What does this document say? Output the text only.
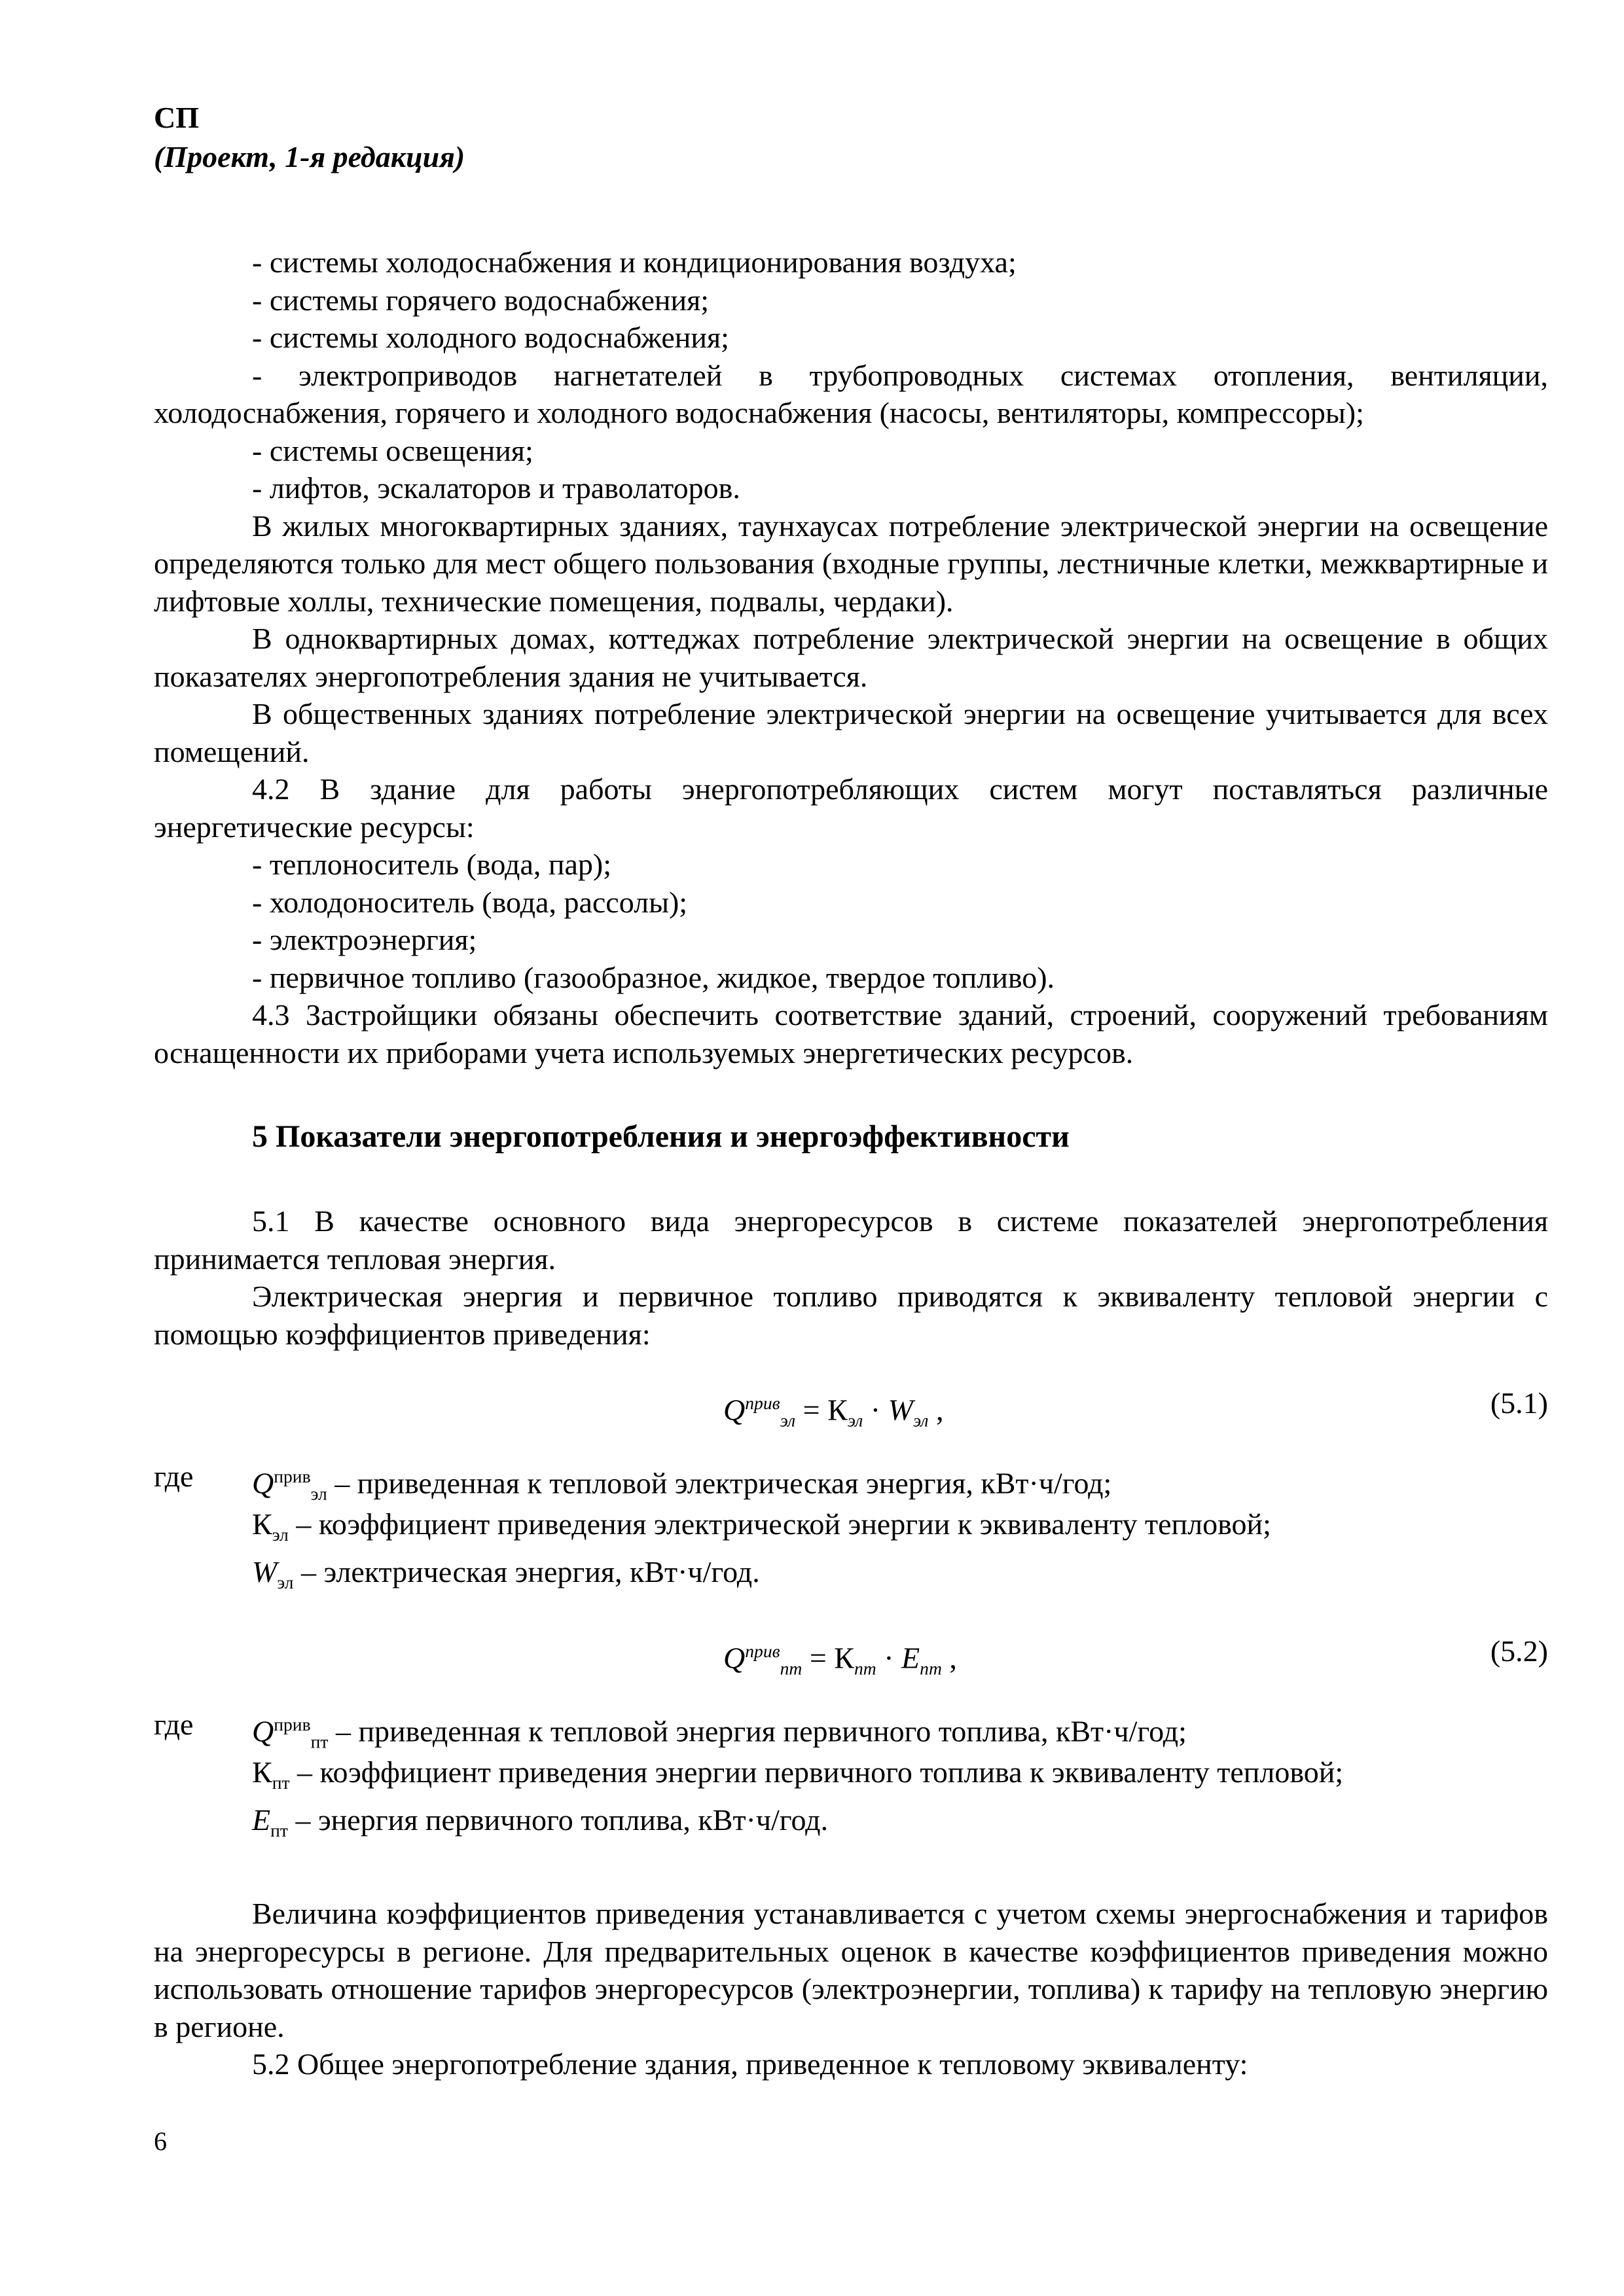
СП
(Проект, 1-я редакция)

- системы холодоснабжения и кондиционирования воздуха;

- системы горячего водоснабжения;

- системы холодного водоснабжения;

- электроприводов нагнетателей в трубопроводных системах отопления, вентиляции, холодоснабжения, горячего и холодного водоснабжения (насосы, вентиляторы, компрессоры);

- системы освещения;

- лифтов, эскалаторов и траволаторов.

В жилых многоквартирных зданиях, таунхаусах потребление электрической энергии на освещение определяются только для мест общего пользования (входные группы, лестничные клетки, межквартирные и лифтовые холлы, технические помещения, подвалы, чердаки).

В одноквартирных домах, коттеджах потребление электрической энергии на освещение в общих показателях энергопотребления здания не учитывается.

В общественных зданиях потребление электрической энергии на освещение учитывается для всех помещений.

4.2 В здание для работы энергопотребляющих систем могут поставляться различные энергетические ресурсы:

- теплоноситель (вода, пар);

- холодоноситель (вода, рассолы);

- электроэнергия;

- первичное топливо (газообразное, жидкое, твердое топливо).

4.3 Застройщики обязаны обеспечить соответствие зданий, строений, сооружений требованиям оснащенности их приборами учета используемых энергетических ресурсов.

5 Показатели энергопотребления и энергоэффективности

5.1 В качестве основного вида энергоресурсов в системе показателей энергопотребления принимается тепловая энергия.

Электрическая энергия и первичное топливо приводятся к эквиваленту тепловой энергии с помощью коэффициентов приведения:

$Q^{прив}_{эл} = К_{эл} \cdot W_{эл}$ ,	(5.1)
где $Q^{прив}_{эл}$ – приведенная к тепловой электрическая энергия, кВт·ч/год;
$К_{эл}$ – коэффициент приведения электрической энергии к эквиваленту тепловой;
$W_{эл}$ – электрическая энергия, кВт·ч/год.
$Q^{прив}_{пт} = К_{пт} \cdot E_{пт}$ ,	(5.2)
где $Q^{прив}_{пт}$ – приведенная к тепловой энергия первичного топлива, кВт·ч/год;
$К_{пт}$ – коэффициент приведения энергии первичного топлива к эквиваленту тепловой;
$E_{пт}$ – энергия первичного топлива, кВт·ч/год.

Величина коэффициентов приведения устанавливается с учетом схемы энергоснабжения и тарифов на энергоресурсы в регионе. Для предварительных оценок в качестве коэффициентов приведения можно использовать отношение тарифов энергоресурсов (электроэнергии, топлива) к тарифу на тепловую энергию в регионе.

5.2 Общее энергопотребление здания, приведенное к тепловому эквиваленту:

6
